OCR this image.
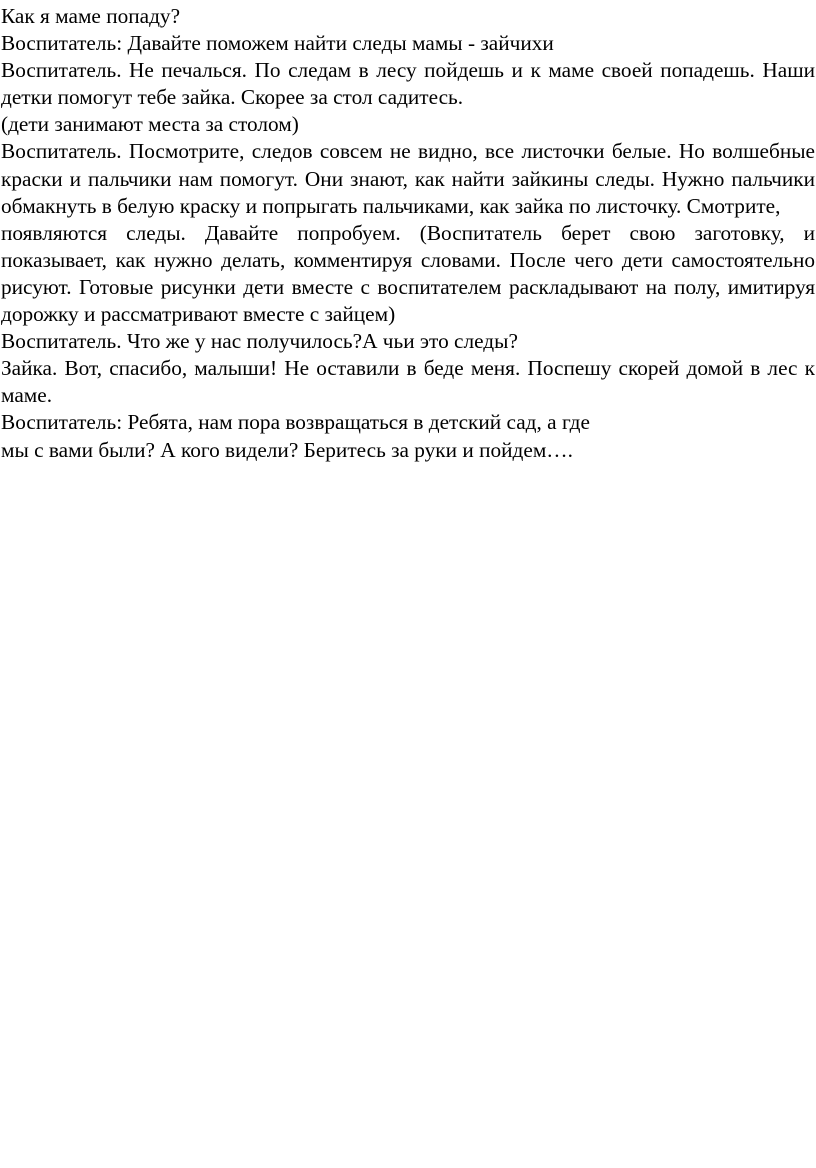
Как я маме попаду?

Воспитатель: Давайте поможем найти следы мамы - зайчихи

Воспитатель. Не печалься. По следам в лесу пойдешь и к маме своей попадешь. Наши детки помогут тебе зайка. Скорее за стол садитесь.

(дети занимают места за столом)

Воспитатель. Посмотрите, следов совсем не видно, все листочки белые. Но волшебные краски и пальчики нам помогут. Они знают, как найти зайкины следы. Нужно пальчики обмакнуть в белую краску и попрыгать пальчиками, как зайка по листочку. Смотрите,

появляются следы. Давайте попробуем. (Воспитатель берет свою заготовку, и показывает, как нужно делать, комментируя словами. После чего дети самостоятельно рисуют. Готовые рисунки дети вместе с воспитателем раскладывают на полу, имитируя дорожку и рассматривают вместе с зайцем)

Воспитатель. Что же у нас получилось?А чьи это следы?

Зайка. Вот, спасибо, малыши! Не оставили в беде меня. Поспешу скорей домой в лес к маме.

Воспитатель: Ребята, нам пора возвращаться в детский сад, а где

мы с вами были? А кого видели? Беритесь за руки и пойдем….
